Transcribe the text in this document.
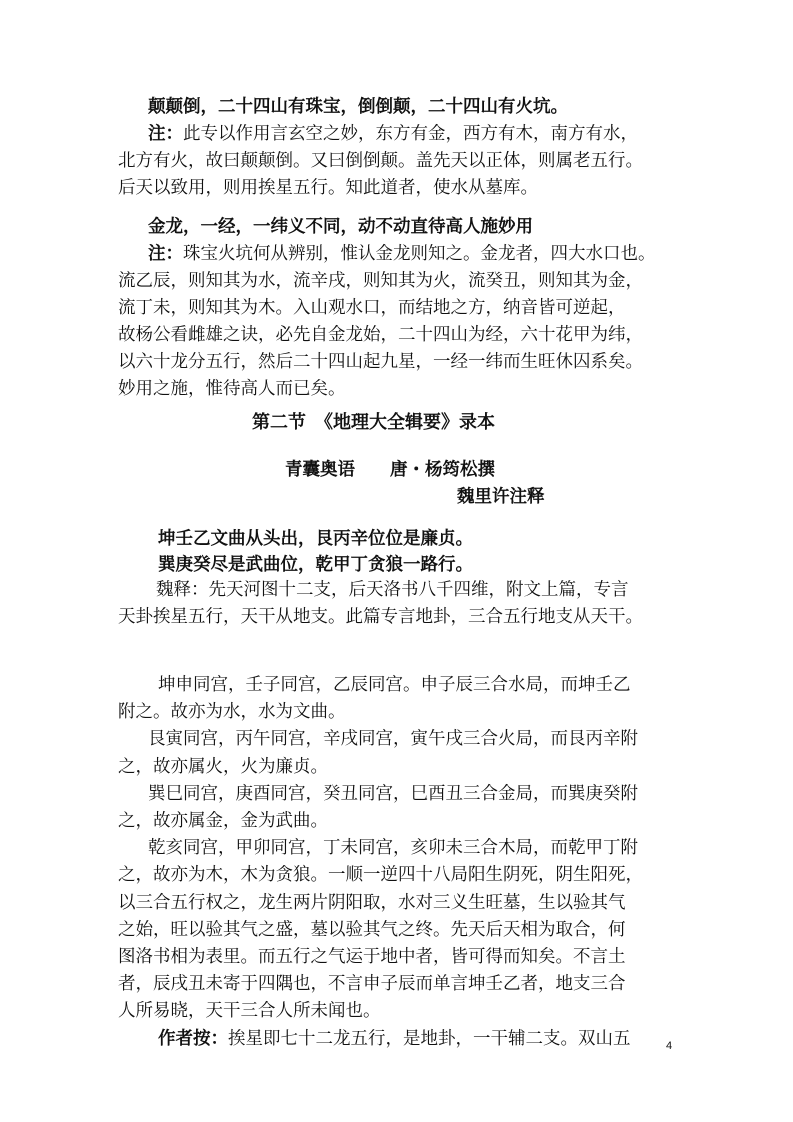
颠颠倒，二十四山有珠宝，倒倒颠，二十四山有火坑。
注：此专以作用言玄空之妙，东方有金，西方有木，南方有水，
北方有火，故曰颠颠倒。又曰倒倒颠。盖先天以正体，则属老五行。
后天以致用，则用挨星五行。知此道者，使水从墓库。
金龙，一经，一纬义不同，动不动直待高人施妙用
注：珠宝火坑何从辨别，惟认金龙则知之。金龙者，四大水口也。
流乙辰，则知其为水，流辛戌，则知其为火，流癸丑，则知其为金，
流丁未，则知其为木。入山观水口，而结地之方，纳音皆可逆起，
故杨公看雌雄之诀，必先自金龙始，二十四山为经，六十花甲为纬，
以六十龙分五行，然后二十四山起九星，一经一纬而生旺休囚系矣。
妙用之施，惟待高人而已矣。
第二节　《地理大全辑要》录本
青囊奥语　　唐・杨筠松撰
魏里许注释
坤壬乙文曲从头出，艮丙辛位位是廉贞。
巽庚癸尽是武曲位，乾甲丁贪狼一路行。
魏释：先天河图十二支，后天洛书八千四维，附文上篇，专言
天卦挨星五行，天干从地支。此篇专言地卦，三合五行地支从天干。
坤申同宫，壬子同宫，乙辰同宫。申子辰三合水局，而坤壬乙
附之。故亦为水，水为文曲。
艮寅同宫，丙午同宫，辛戌同宫，寅午戌三合火局，而艮丙辛附
之，故亦属火，火为廉贞。
巽巳同宫，庚酉同宫，癸丑同宫，巳酉丑三合金局，而巽庚癸附
之，故亦属金，金为武曲。
乾亥同宫，甲卯同宫，丁未同宫，亥卯未三合木局，而乾甲丁附
之，故亦为木，木为贪狼。一顺一逆四十八局阳生阴死，阴生阳死，
以三合五行权之，龙生两片阴阳取，水对三义生旺墓，生以验其气
之始，旺以验其气之盛，墓以验其气之终。先天后天相为取合，何
图洛书相为表里。而五行之气运于地中者，皆可得而知矣。不言土
者，辰戌丑未寄于四隅也，不言申子辰而单言坤壬乙者，地支三合
人所易晓，天干三合人所未闻也。
作者按：挨星即七十二龙五行，是地卦，一干辅二支。双山五	4
